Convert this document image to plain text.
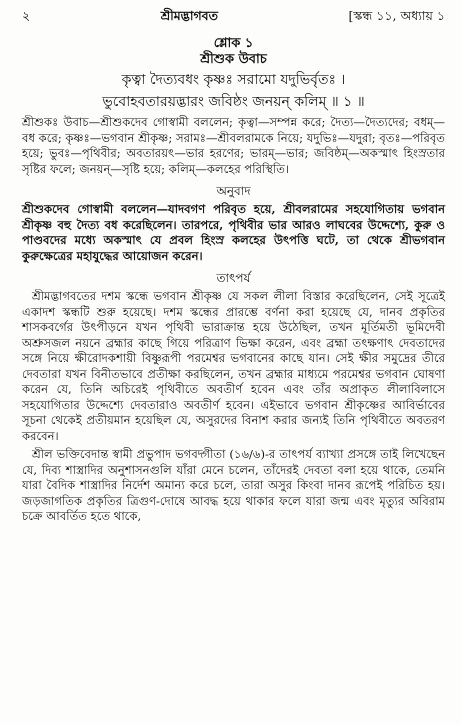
২	শ্রীমদ্ভাগবত	[স্কন্ধ ১১, অধ্যায় ১
শ্লোক ১
শ্রীশুক উবাচ
কৃত্বা দৈত্যবধং কৃষ্ণঃ সরামো যদুভির্বৃতঃ ।
ভুবোহবতারয়দ্ভারং জবিষ্ঠং জনয়ন্‌ কলিম্‌ ॥ ১ ॥

শ্রীশুকঃ উবাচ—শ্রীশুকদেব গোস্বামী বললেন; কৃত্বা—সম্পন্ন করে; দৈত্য—দৈত্যদের; বধম্‌—বধ করে; কৃষ্ণঃ—ভগবান শ্রীকৃষ্ণ; সরামঃ—শ্রীবলরামকে নিয়ে; যদুভিঃ—যদুরা; বৃতঃ—পরিবৃত হয়ে; ভুবঃ—পৃথিবীর; অবতারয়ৎ—ভার হরণের; ভারম্‌—ভার; জবিষ্ঠম্‌—অকস্মাৎ হিংস্রতার সৃষ্টির ফলে; জনয়ন্‌—সৃষ্টি হয়ে; কলিম্‌—কলহের পরিস্থিতি।

অনুবাদ

শ্রীশুকদেব গোস্বামী বললেন—যাদবগণ পরিবৃত হয়ে, শ্রীবলরামের সহযোগিতায় ভগবান শ্রীকৃষ্ণ বহু দৈত্য বধ করেছিলেন। তারপরে, পৃথিবীর ভার আরও লাঘবের উদ্দেশ্যে, কুরু ও পাণ্ডবদের মধ্যে অকস্মাৎ যে প্রবল হিংস্র কলহের উৎপত্তি ঘটে, তা থেকে শ্রীভগবান কুরুক্ষেত্রের মহাযুদ্ধের আয়োজন করেন।

তাৎপর্য

শ্রীমদ্ভাগবতের দশম স্কন্ধে ভগবান শ্রীকৃষ্ণ যে সকল লীলা বিস্তার করেছিলেন, সেই সূত্রেই একাদশ স্কন্ধটি শুরু হয়েছে। দশম স্কন্ধের প্রারম্ভে বর্ণনা করা হয়েছে যে, দানব প্রকৃতির শাসকবর্গের উৎপীড়নে যখন পৃথিবী ভারাক্রান্ত হয়ে উঠেছিল, তখন মূর্তিমতী ভূমিদেবী অশ্রুসজল নয়নে ব্রহ্মার কাছে গিয়ে পরিত্রাণ ভিক্ষা করেন, এবং ব্রহ্মা তৎক্ষণাৎ দেবতাদের সঙ্গে নিয়ে ক্ষীরোদকশায়ী বিষ্ণুরূপী পরমেশ্বর ভগবানের কাছে যান। সেই ক্ষীর সমুদ্রের তীরে দেবতারা যখন বিনীতভাবে প্রতীক্ষা করছিলেন, তখন ব্রহ্মার মাধ্যমে পরমেশ্বর ভগবান ঘোষণা করেন যে, তিনি অচিরেই পৃথিবীতে অবতীর্ণ হবেন এবং তাঁর অপ্রাকৃত লীলাবিলাসে সহযোগিতার উদ্দেশ্যে দেবতারাও অবতীর্ণ হবেন। এইভাবে ভগবান শ্রীকৃষ্ণের আবির্ভাবের সূচনা থেকেই প্রতীয়মান হয়েছিল যে, অসুরদের বিনাশ করার জন্যই তিনি পৃথিবীতে অবতরণ করবেন।

শ্রীল ভক্তিবেদান্ত স্বামী প্রভুপাদ ভগবদ্গীতা (১৬/৬)-র তাৎপর্য ব্যাখ্যা প্রসঙ্গে তাই লিখেছেন যে, দিব্য শাস্ত্রাদির অনুশাসনগুলি যাঁরা মেনে চলেন, তাঁদেরই দেবতা বলা হয়ে থাকে, তেমনি যারা বৈদিক শাস্ত্রাদির নির্দেশ অমান্য করে চলে, তারা অসুর কিংবা দানব রূপেই পরিচিত হয়। জড়জাগতিক প্রকৃতির ত্রিগুণ-দোষে আবদ্ধ হয়ে থাকার ফলে যারা জন্ম এবং মৃত্যুর অবিরাম চক্রে আবর্তিত হতে থাকে,
